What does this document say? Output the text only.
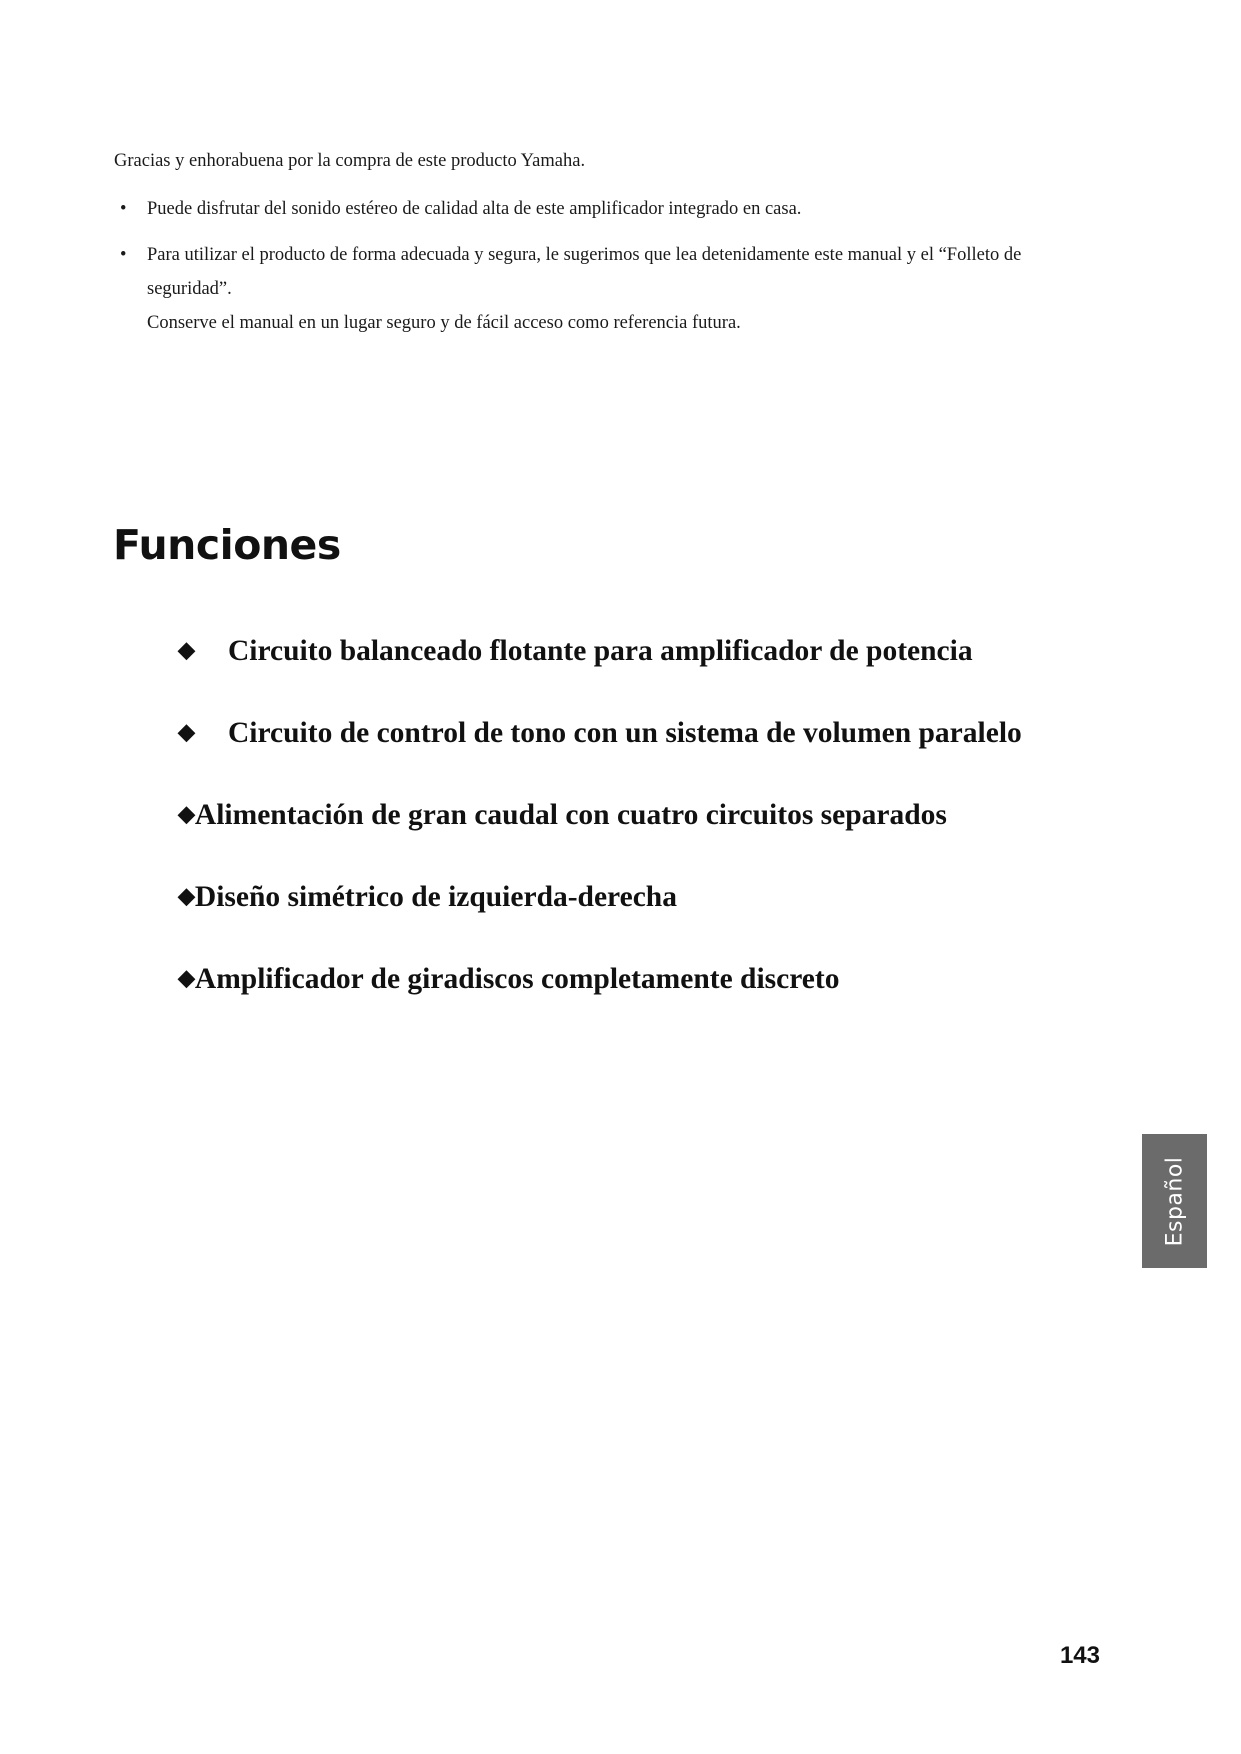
Gracias y enhorabuena por la compra de este producto Yamaha.

• Puede disfrutar del sonido estéreo de calidad alta de este amplificador integrado en casa.
• Para utilizar el producto de forma adecuada y segura, le sugerimos que lea detenidamente este manual y el “Folleto de seguridad”.
Conserve el manual en un lugar seguro y de fácil acceso como referencia futura.
Funciones
◆ Circuito balanceado flotante para amplificador de potencia
◆ Circuito de control de tono con un sistema de volumen paralelo
◆Alimentación de gran caudal con cuatro circuitos separados
◆Diseño simétrico de izquierda-derecha
◆Amplificador de giradiscos completamente discreto
Español
143
